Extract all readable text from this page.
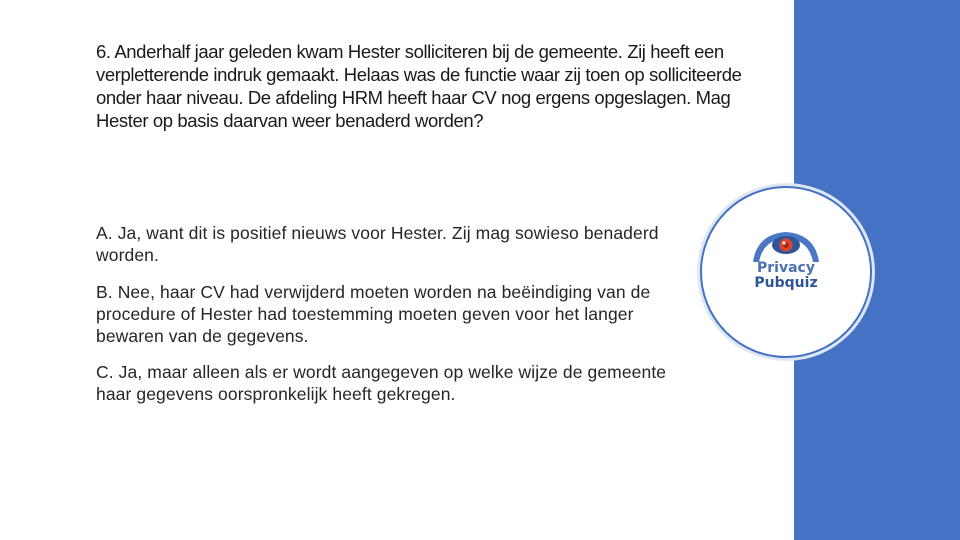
6. Anderhalf jaar geleden kwam Hester solliciteren bij de gemeente. Zij heeft een verpletterende indruk gemaakt. Helaas was de functie waar zij toen op solliciteerde onder haar niveau. De afdeling HRM heeft haar CV nog ergens opgeslagen. Mag Hester op basis daarvan weer benaderd worden?
A. Ja, want dit is positief nieuws voor Hester. Zij mag sowieso benaderd worden.
B. Nee, haar CV had verwijderd moeten worden na beëindiging van de procedure of Hester had toestemming moeten geven voor het langer bewaren van de gegevens.
C. Ja, maar alleen als er wordt aangegeven op welke wijze de gemeente haar gegevens oorspronkelijk heeft gekregen.
Privacy
Pubquiz
